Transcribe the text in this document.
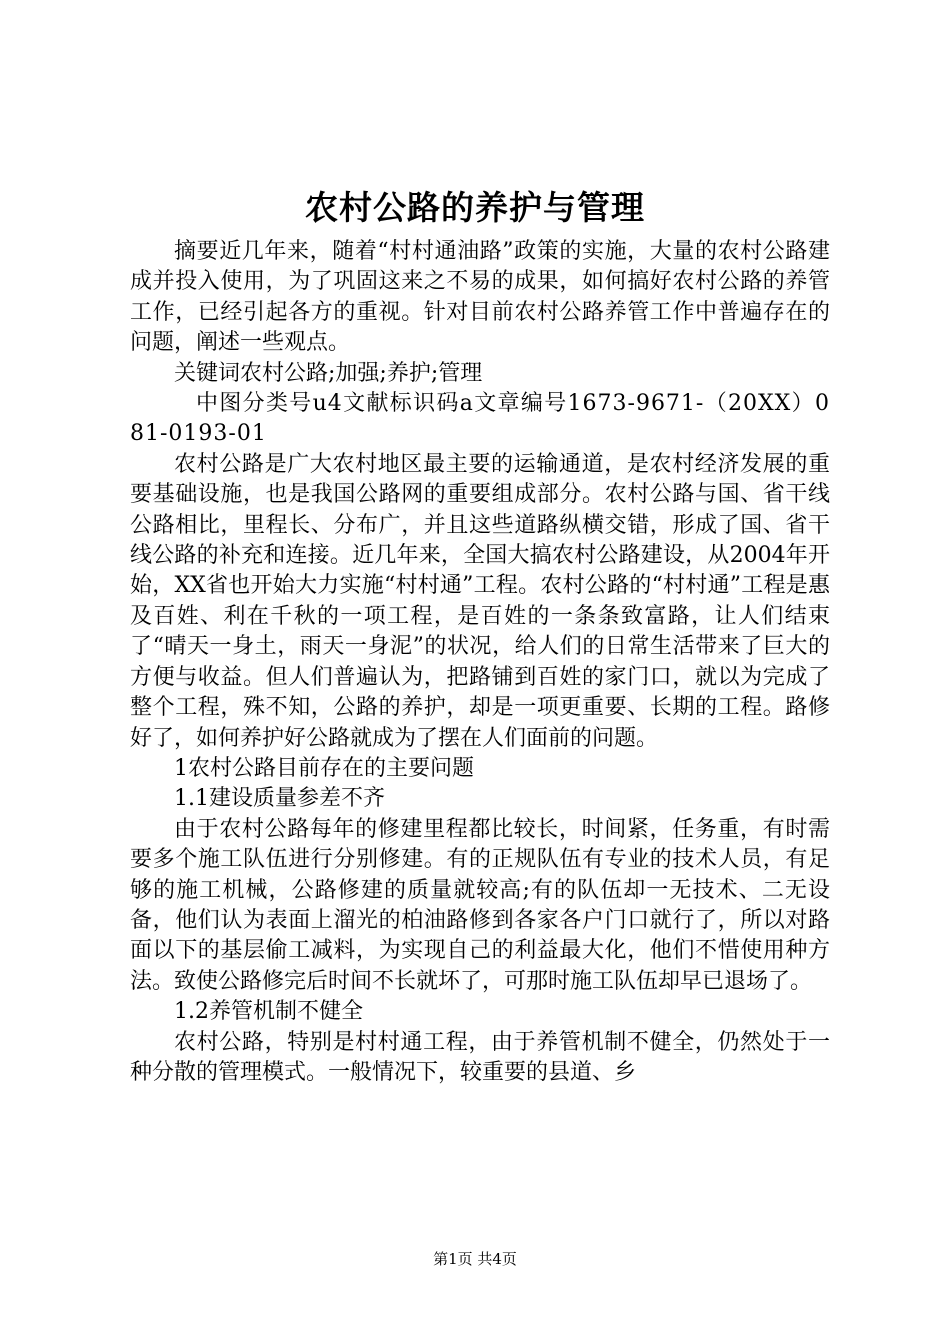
农村公路的养护与管理

摘要近几年来，随着“村村通油路”政策的实施，大量的农村公路建成并投入使用，为了巩固这来之不易的成果，如何搞好农村公路的养管工作，已经引起各方的重视。针对目前农村公路养管工作中普遍存在的问题，阐述一些观点。

关键词农村公路;加强;养护;管理

中图分类号u4文献标识码a文章编号1673-9671-（20XX）081-0193-01

农村公路是广大农村地区最主要的运输通道，是农村经济发展的重要基础设施，也是我国公路网的重要组成部分。农村公路与国、省干线公路相比，里程长、分布广，并且这些道路纵横交错，形成了国、省干线公路的补充和连接。近几年来，全国大搞农村公路建设，从2004年开始，XX省也开始大力实施“村村通”工程。农村公路的“村村通”工程是惠及百姓、利在千秋的一项工程，是百姓的一条条致富路，让人们结束了“晴天一身土，雨天一身泥”的状况，给人们的日常生活带来了巨大的方便与收益。但人们普遍认为，把路铺到百姓的家门口，就以为完成了整个工程，殊不知，公路的养护，却是一项更重要、长期的工程。路修好了，如何养护好公路就成为了摆在人们面前的问题。

1农村公路目前存在的主要问题

1.1建设质量参差不齐

由于农村公路每年的修建里程都比较长，时间紧，任务重，有时需要多个施工队伍进行分别修建。有的正规队伍有专业的技术人员，有足够的施工机械，公路修建的质量就较高;有的队伍却一无技术、二无设备，他们认为表面上溜光的柏油路修到各家各户门口就行了，所以对路面以下的基层偷工减料，为实现自己的利益最大化，他们不惜使用种方法。致使公路修完后时间不长就坏了，可那时施工队伍却早已退场了。

1.2养管机制不健全

农村公路，特别是村村通工程，由于养管机制不健全，仍然处于一种分散的管理模式。一般情况下，较重要的县道、乡

第1页 共4页
